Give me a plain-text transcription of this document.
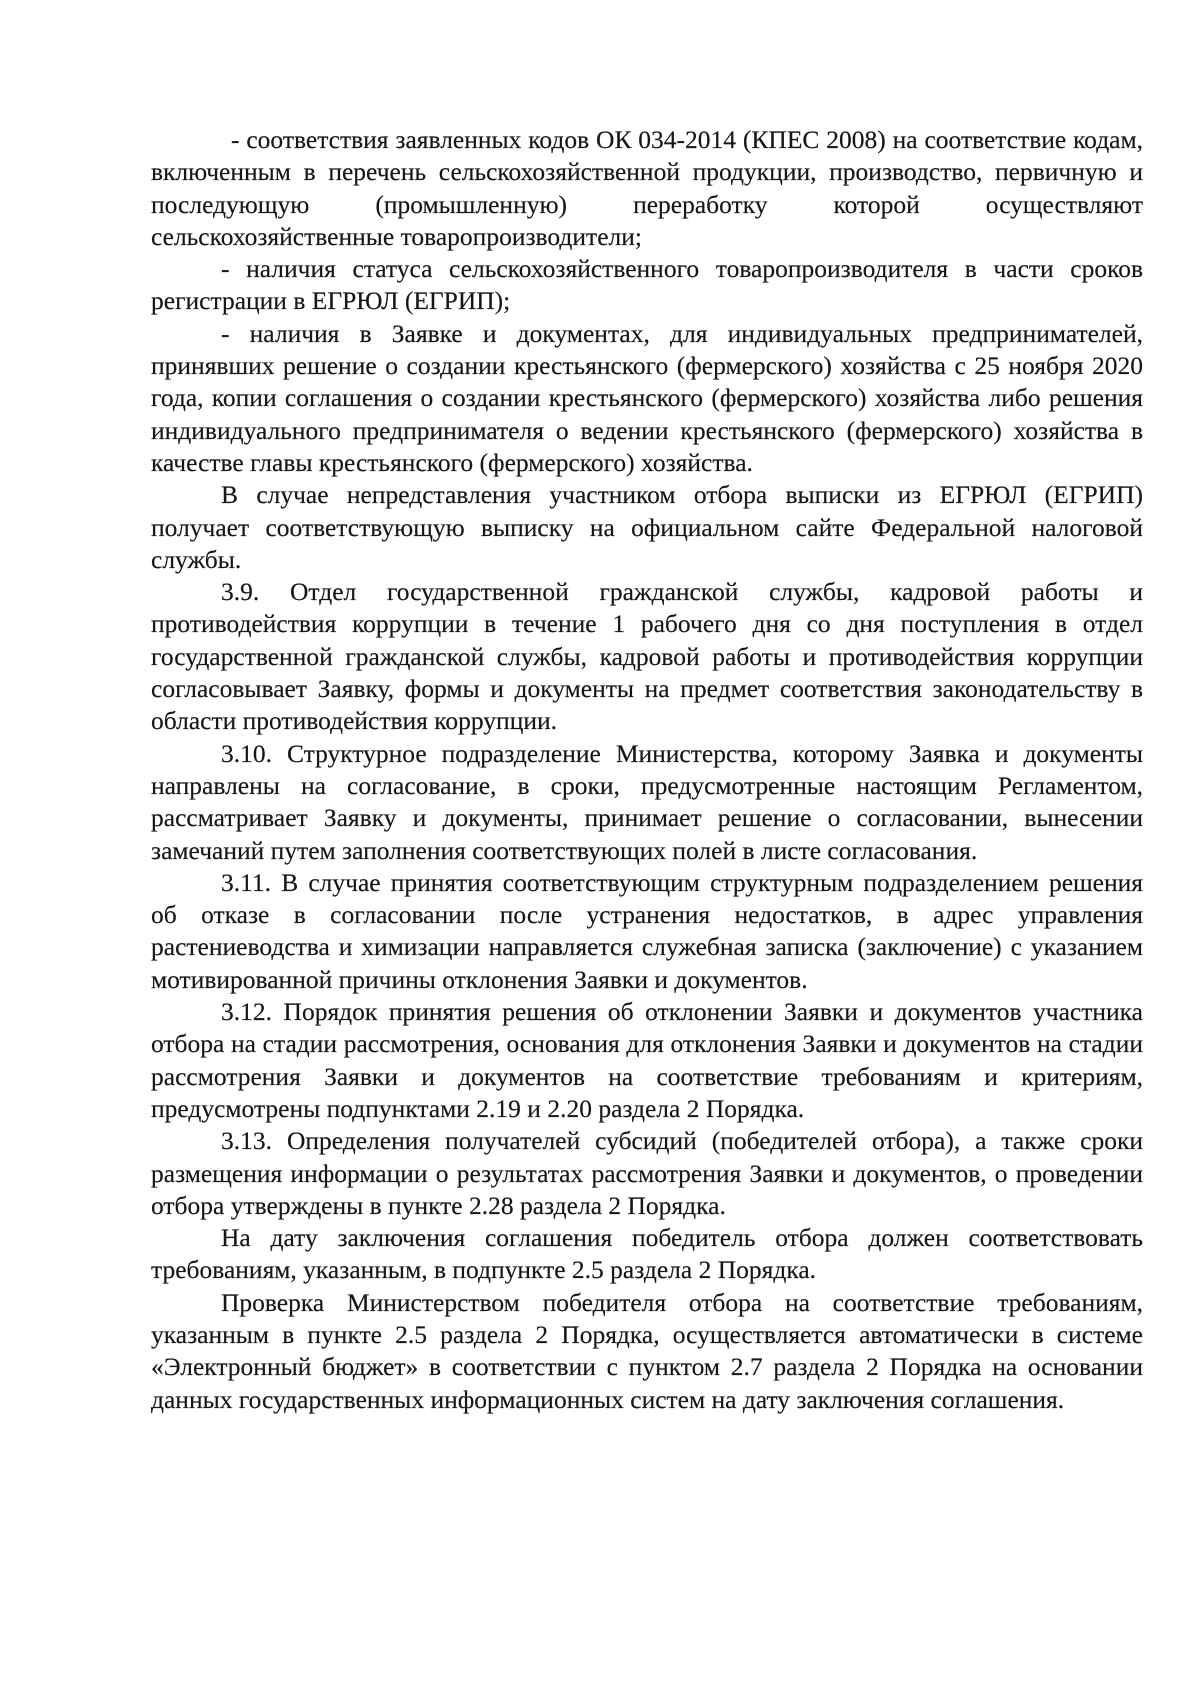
- соответствия заявленных кодов ОК 034-2014 (КПЕС 2008) на соответствие кодам, включенным в перечень сельскохозяйственной продукции, производство, первичную и последующую (промышленную) переработку которой осуществляют сельскохозяйственные товаропроизводители;

- наличия статуса сельскохозяйственного товаропроизводителя в части сроков регистрации в ЕГРЮЛ (ЕГРИП);

- наличия в Заявке и документах, для индивидуальных предпринимателей, принявших решение о создании крестьянского (фермерского) хозяйства с 25 ноября 2020 года, копии соглашения о создании крестьянского (фермерского) хозяйства либо решения индивидуального предпринимателя о ведении крестьянского (фермерского) хозяйства в качестве главы крестьянского (фермерского) хозяйства.

В случае непредставления участником отбора выписки из ЕГРЮЛ (ЕГРИП) получает соответствующую выписку на официальном сайте Федеральной налоговой службы.

3.9. Отдел государственной гражданской службы, кадровой работы и противодействия коррупции в течение 1 рабочего дня со дня поступления в отдел государственной гражданской службы, кадровой работы и противодействия коррупции согласовывает Заявку, формы и документы на предмет соответствия законодательству в области противодействия коррупции.

3.10. Структурное подразделение Министерства, которому Заявка и документы направлены на согласование, в сроки, предусмотренные настоящим Регламентом, рассматривает Заявку и документы, принимает решение о согласовании, вынесении замечаний путем заполнения соответствующих полей в листе согласования.

3.11. В случае принятия соответствующим структурным подразделением решения об отказе в согласовании после устранения недостатков, в адрес управления растениеводства и химизации направляется служебная записка (заключение) с указанием мотивированной причины отклонения Заявки и документов.

3.12. Порядок принятия решения об отклонении Заявки и документов участника отбора на стадии рассмотрения, основания для отклонения Заявки и документов на стадии рассмотрения Заявки и документов на соответствие требованиям и критериям, предусмотрены подпунктами 2.19 и 2.20 раздела 2 Порядка.

3.13. Определения получателей субсидий (победителей отбора), а также сроки размещения информации о результатах рассмотрения Заявки и документов, о проведении отбора утверждены в пункте 2.28 раздела 2 Порядка.

На дату заключения соглашения победитель отбора должен соответствовать требованиям, указанным, в подпункте 2.5 раздела 2 Порядка.

Проверка Министерством победителя отбора на соответствие требованиям, указанным в пункте 2.5 раздела 2 Порядка, осуществляется автоматически в системе «Электронный бюджет» в соответствии с пунктом 2.7 раздела 2 Порядка на основании данных государственных информационных систем на дату заключения соглашения.
